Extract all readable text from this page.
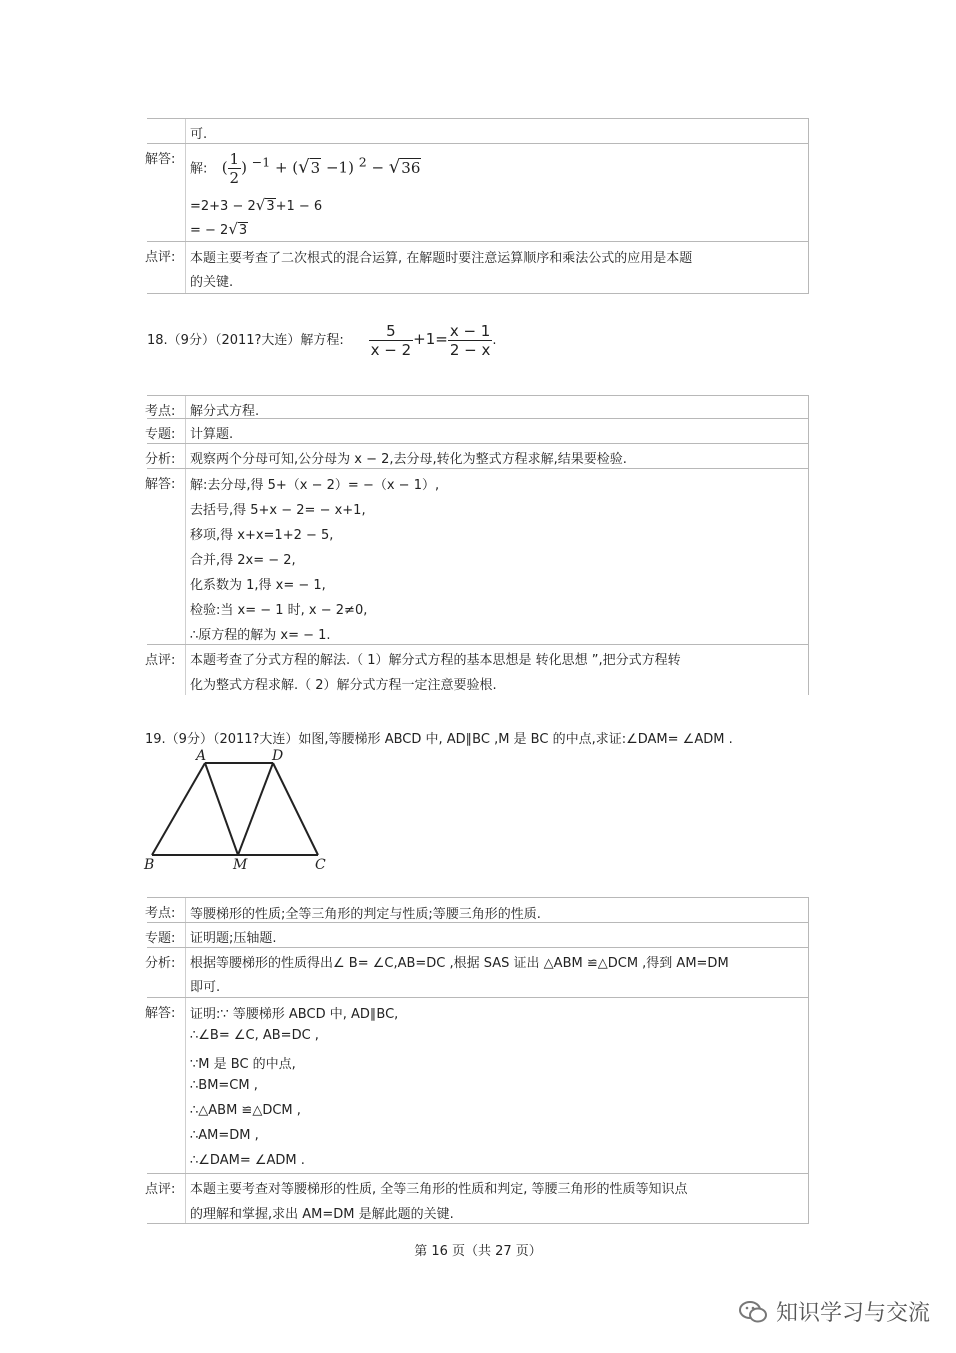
可.
解答:
解:   ( $\frac{1}{2}$ ) $^{-1}$ + (√3 −1) $^2$ − √36
=2+3 − 2√3+1 − 6
= − 2√3
点评: 本题主要考查了二次根式的混合运算, 在解题时要注意运算顺序和乘法公式的应用是本题
的关键.
18.（9分）（2011?大连）解方程: $\frac{5}{x - 2} +1= \frac{x - 1}{2 - x}$ .
考点: 解分式方程.
专题: 计算题.
分析: 观察两个分母可知,公分母为 x − 2,去分母,转化为整式方程求解,结果要检验.
解答: 解:去分母,得 5+（x − 2）= −（x − 1）,
去括号,得 5+x − 2= − x+1,
移项,得 x+x=1+2 − 5,
合并,得 2x= − 2,
化系数为 1,得 x= − 1,
检验:当 x= − 1 时, x − 2≠0,
∴原方程的解为 x= − 1.
点评: 本题考查了分式方程的解法.（ 1）解分式方程的基本思想是 转化思想 ”,把分式方程转
化为整式方程求解.（ 2）解分式方程一定注意要验根.
19.（9分）（2011?大连）如图,等腰梯形 ABCD 中, AD∥BC ,M 是 BC 的中点,求证:∠DAM= ∠ADM .
A	D
B	M	C
考点: 等腰梯形的性质;全等三角形的判定与性质;等腰三角形的性质.
专题: 证明题;压轴题.
分析: 根据等腰梯形的性质得出∠ B= ∠C,AB=DC ,根据 SAS 证出 △ABM ≌△DCM ,得到 AM=DM
即可.
解答: 证明:∵ 等腰梯形 ABCD 中, AD∥BC,
∴∠B= ∠C, AB=DC ,
∵M 是 BC 的中点,
∴BM=CM ,
∴△ABM ≌△DCM ,
∴AM=DM ,
∴∠DAM= ∠ADM .
点评: 本题主要考查对等腰梯形的性质, 全等三角形的性质和判定, 等腰三角形的性质等知识点
的理解和掌握,求出 AM=DM 是解此题的关键.
第 16 页（共 27 页）
知识学习与交流
